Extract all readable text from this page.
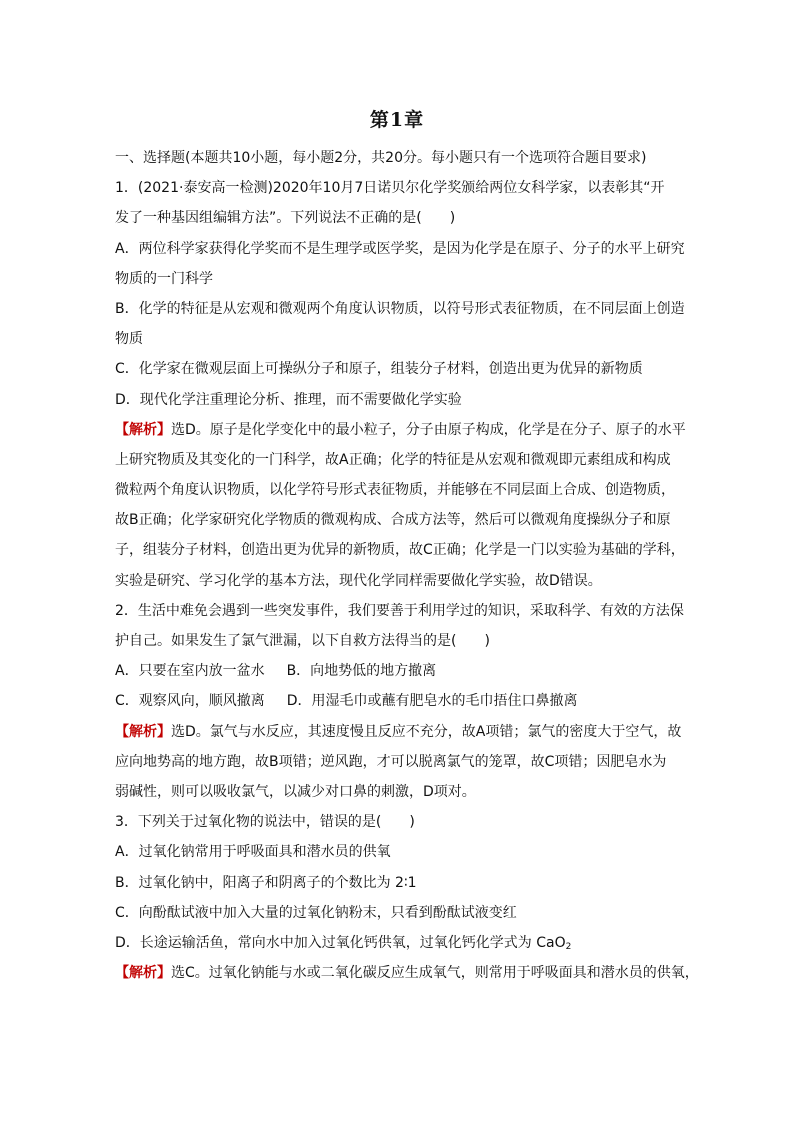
第1章
一、选择题(本题共10小题，每小题2分，共20分。每小题只有一个选项符合题目要求)
1．(2021·泰安高一检测)2020年10月7日诺贝尔化学奖颁给两位女科学家，以表彰其“开
发了一种基因组编辑方法”。下列说法不正确的是(　　)
A．两位科学家获得化学奖而不是生理学或医学奖，是因为化学是在原子、分子的水平上研究
物质的一门科学
B．化学的特征是从宏观和微观两个角度认识物质，以符号形式表征物质，在不同层面上创造
物质
C．化学家在微观层面上可操纵分子和原子，组装分子材料，创造出更为优异的新物质
D．现代化学注重理论分析、推理，而不需要做化学实验
【解析】选D。原子是化学变化中的最小粒子，分子由原子构成，化学是在分子、原子的水平
上研究物质及其变化的一门科学，故A正确；化学的特征是从宏观和微观即元素组成和构成
微粒两个角度认识物质，以化学符号形式表征物质，并能够在不同层面上合成、创造物质，
故B正确；化学家研究化学物质的微观构成、合成方法等，然后可以微观角度操纵分子和原
子，组装分子材料，创造出更为优异的新物质，故C正确；化学是一门以实验为基础的学科，
实验是研究、学习化学的基本方法，现代化学同样需要做化学实验，故D错误。
2．生活中难免会遇到一些突发事件，我们要善于利用学过的知识，采取科学、有效的方法保
护自己。如果发生了氯气泄漏，以下自救方法得当的是(　　)
A．只要在室内放一盆水 B．向地势低的地方撤离
C．观察风向，顺风撤离 D．用湿毛巾或蘸有肥皂水的毛巾捂住口鼻撤离
【解析】选D。氯气与水反应，其速度慢且反应不充分，故A项错；氯气的密度大于空气，故
应向地势高的地方跑，故B项错；逆风跑，才可以脱离氯气的笼罩，故C项错；因肥皂水为
弱碱性，则可以吸收氯气，以减少对口鼻的刺激，D项对。
3．下列关于过氧化物的说法中，错误的是(　　)
A．过氧化钠常用于呼吸面具和潜水员的供氧
B．过氧化钠中，阳离子和阴离子的个数比为 2∶1
C．向酚酞试液中加入大量的过氧化钠粉末，只看到酚酞试液变红
D．长途运输活鱼，常向水中加入过氧化钙供氧，过氧化钙化学式为 CaO$_2$
【解析】选C。过氧化钠能与水或二氧化碳反应生成氧气，则常用于呼吸面具和潜水员的供氧，
